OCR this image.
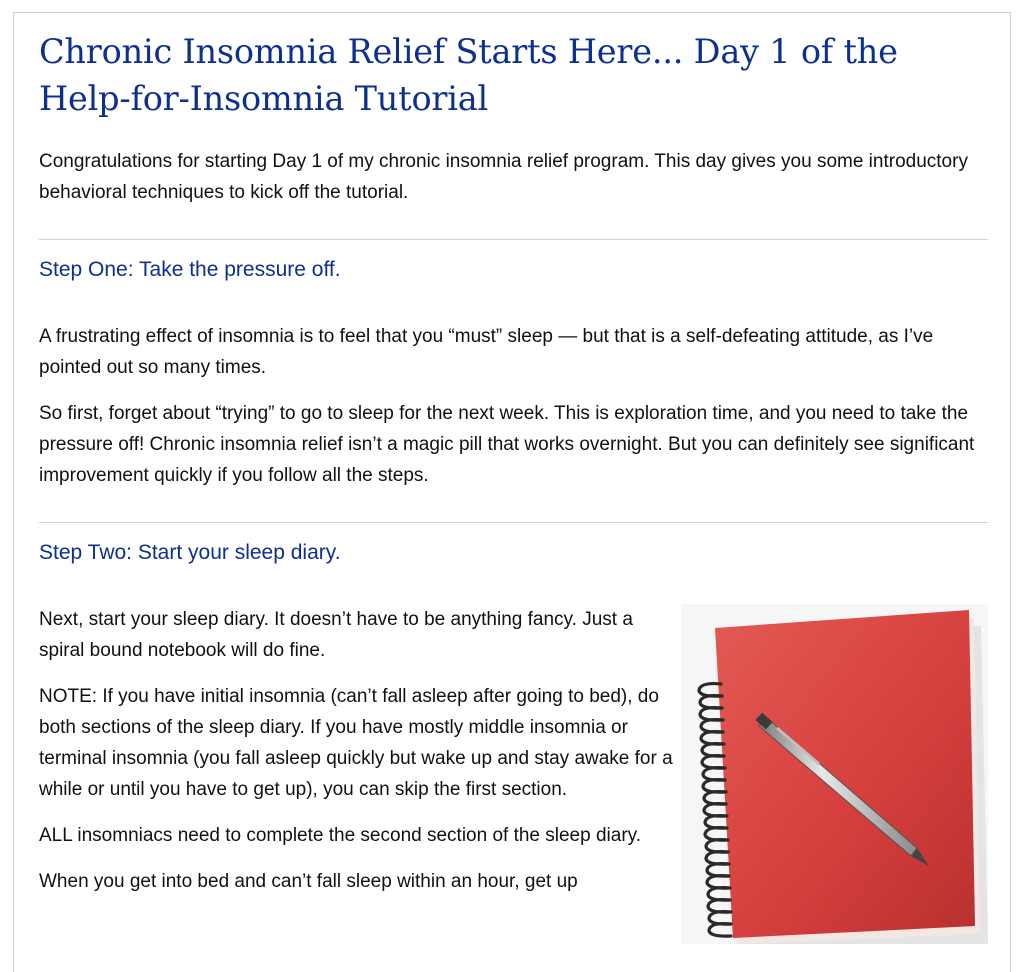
Chronic Insomnia Relief Starts Here... Day 1 of the Help-for-Insomnia Tutorial

Congratulations for starting Day 1 of my chronic insomnia relief program. This day gives you some introductory behavioral techniques to kick off the tutorial.

Step One: Take the pressure off.

A frustrating effect of insomnia is to feel that you “must” sleep — but that is a self-defeating attitude, as I’ve pointed out so many times.

So first, forget about “trying” to go to sleep for the next week. This is exploration time, and you need to take the pressure off! Chronic insomnia relief isn’t a magic pill that works overnight. But you can definitely see significant improvement quickly if you follow all the steps.

Step Two: Start your sleep diary.

Next, start your sleep diary. It doesn’t have to be anything fancy. Just a spiral bound notebook will do fine.

NOTE: If you have initial insomnia (can’t fall asleep after going to bed), do both sections of the sleep diary. If you have mostly middle insomnia or terminal insomnia (you fall asleep quickly but wake up and stay awake for a while or until you have to get up), you can skip the first section.

ALL insomniacs need to complete the second section of the sleep diary.

When you get into bed and can’t fall sleep within an hour, get up
